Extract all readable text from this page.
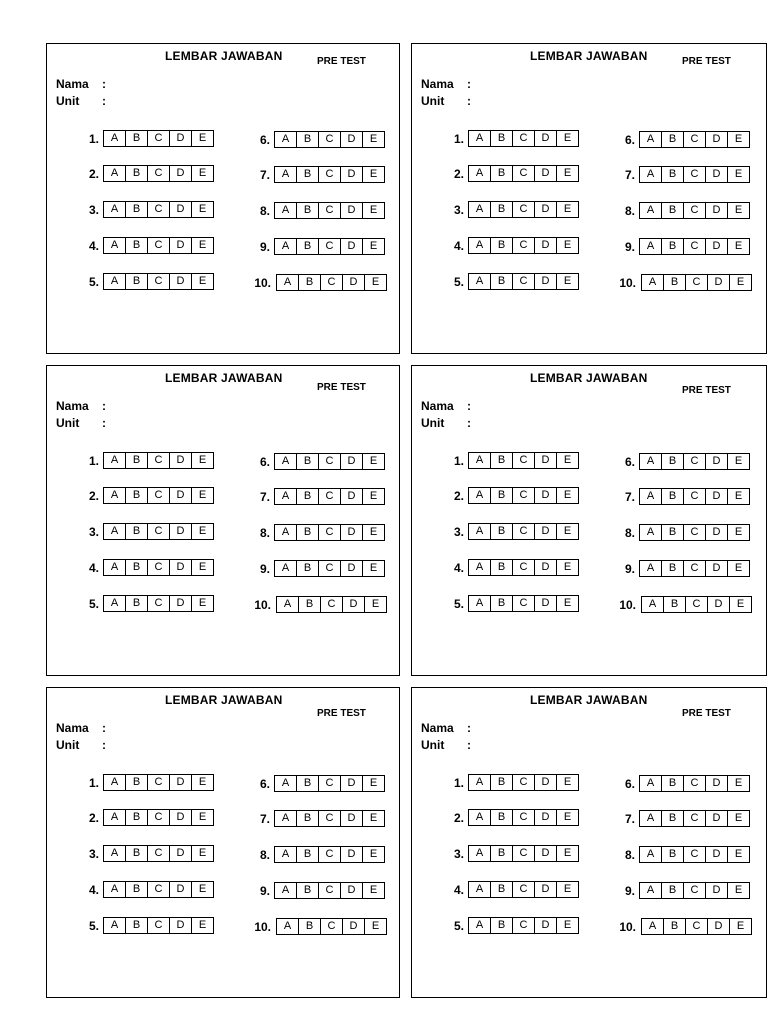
LEMBAR JAWABAN	PRE TEST
Nama :
Unit :
1.	A	B	C	D	E
2.	A	B	C	D	E
3.	A	B	C	D	E
4.	A	B	C	D	E
5.	A	B	C	D	E
6.	A	B	C	D	E
7.	A	B	C	D	E
8.	A	B	C	D	E
9.	A	B	C	D	E
10.	A	B	C	D	E
LEMBAR JAWABAN	PRE TEST
Nama :
Unit :
1.	A	B	C	D	E
2.	A	B	C	D	E
3.	A	B	C	D	E
4.	A	B	C	D	E
5.	A	B	C	D	E
6.	A	B	C	D	E
7.	A	B	C	D	E
8.	A	B	C	D	E
9.	A	B	C	D	E
10.	A	B	C	D	E
LEMBAR JAWABAN
PRE TEST
Nama :
Unit :
1.	A	B	C	D	E
2.	A	B	C	D	E
3.	A	B	C	D	E
4.	A	B	C	D	E
5.	A	B	C	D	E
6.	A	B	C	D	E
7.	A	B	C	D	E
8.	A	B	C	D	E
9.	A	B	C	D	E
10.	A	B	C	D	E
LEMBAR JAWABAN
PRE TEST
Nama :
Unit :
1.	A	B	C	D	E
2.	A	B	C	D	E
3.	A	B	C	D	E
4.	A	B	C	D	E
5.	A	B	C	D	E
6.	A	B	C	D	E
7.	A	B	C	D	E
8.	A	B	C	D	E
9.	A	B	C	D	E
10.	A	B	C	D	E
LEMBAR JAWABAN
PRE TEST
Nama :
Unit :
1.	A	B	C	D	E
2.	A	B	C	D	E
3.	A	B	C	D	E
4.	A	B	C	D	E
5.	A	B	C	D	E
6.	A	B	C	D	E
7.	A	B	C	D	E
8.	A	B	C	D	E
9.	A	B	C	D	E
10.	A	B	C	D	E
LEMBAR JAWABAN
PRE TEST
Nama :
Unit :
1.	A	B	C	D	E
2.	A	B	C	D	E
3.	A	B	C	D	E
4.	A	B	C	D	E
5.	A	B	C	D	E
6.	A	B	C	D	E
7.	A	B	C	D	E
8.	A	B	C	D	E
9.	A	B	C	D	E
10.	A	B	C	D	E
